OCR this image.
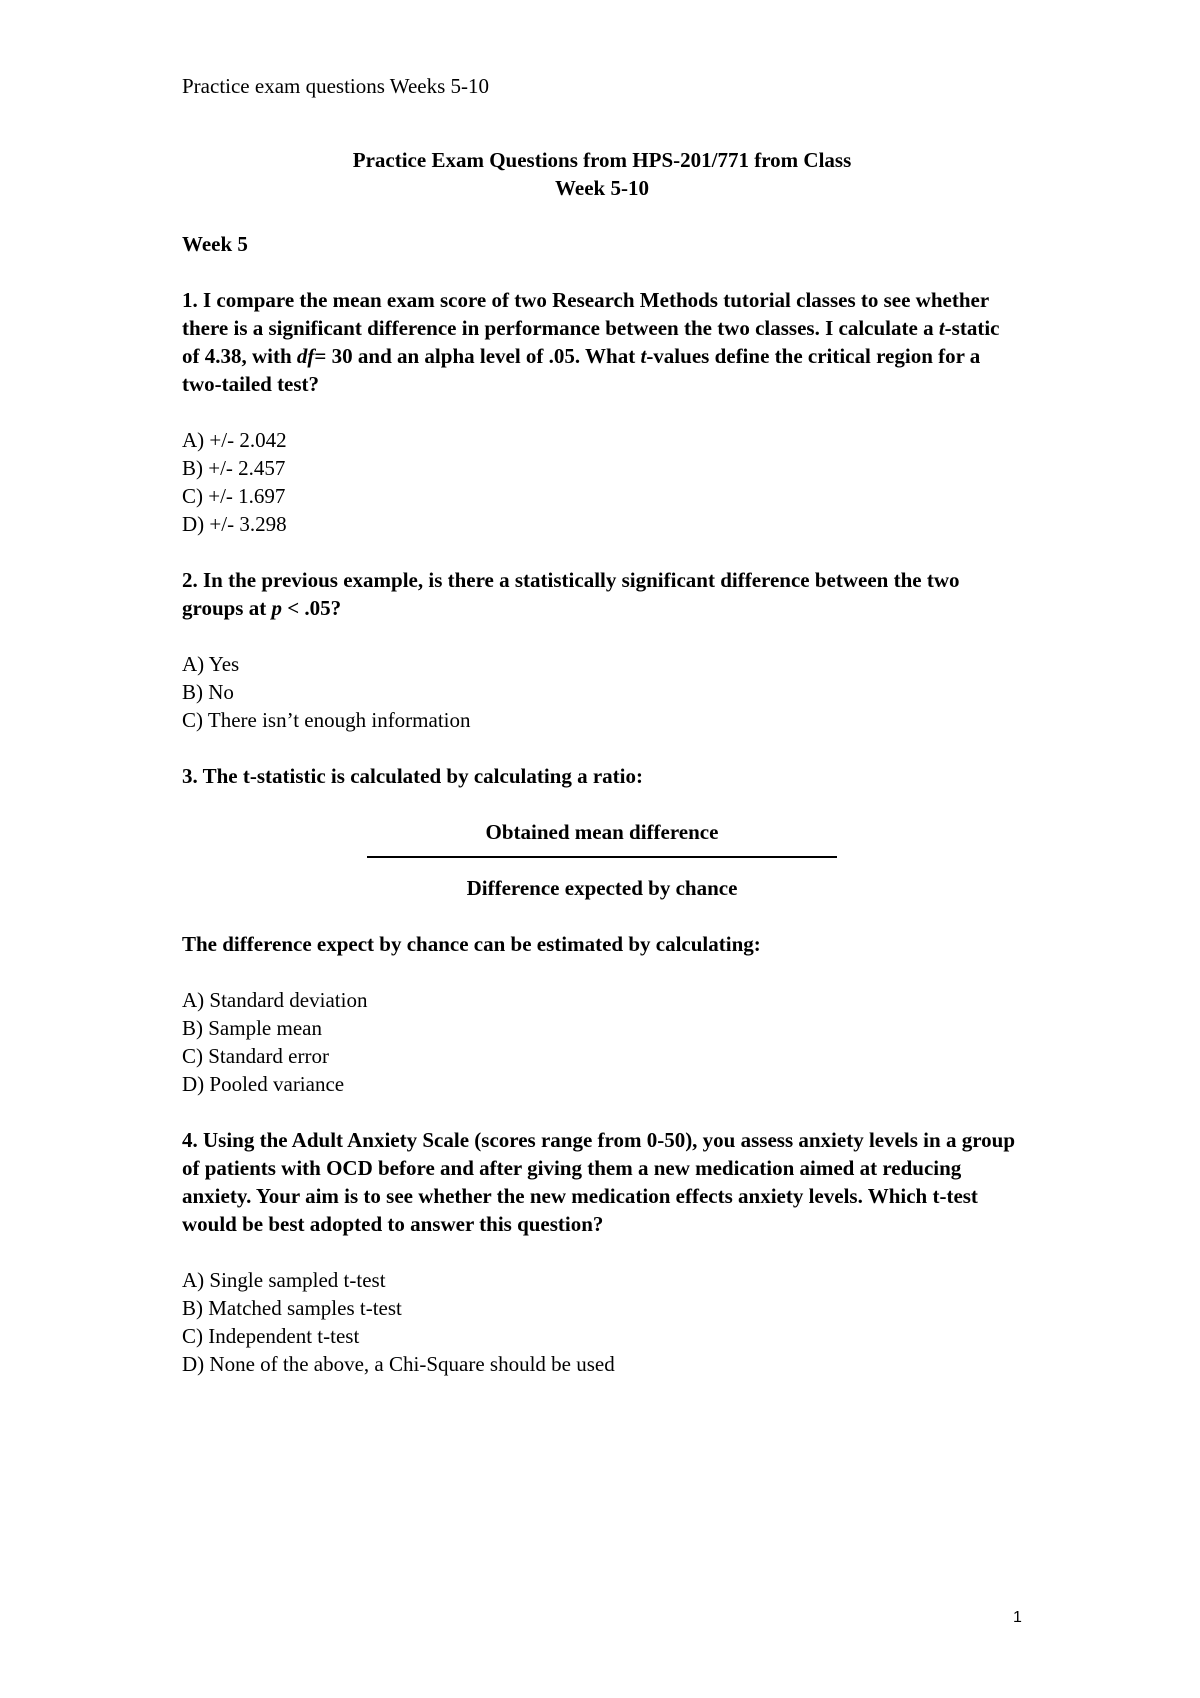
Practice exam questions Weeks 5-10

Practice Exam Questions from HPS-201/771 from Class
Week 5-10

Week 5

1. I compare the mean exam score of two Research Methods tutorial classes to see whether there is a significant difference in performance between the two classes. I calculate a t-static of 4.38, with df= 30 and an alpha level of .05. What t-values define the critical region for a two-tailed test?

A) +/- 2.042
B) +/- 2.457
C) +/- 1.697
D) +/- 3.298

2. In the previous example, is there a statistically significant difference between the two groups at p < .05?

A) Yes
B) No
C) There isn’t enough information

3. The t-statistic is calculated by calculating a ratio:

Obtained mean difference
Difference expected by chance

The difference expect by chance can be estimated by calculating:

A) Standard deviation
B) Sample mean
C) Standard error
D) Pooled variance

4. Using the Adult Anxiety Scale (scores range from 0-50), you assess anxiety levels in a group of patients with OCD before and after giving them a new medication aimed at reducing anxiety. Your aim is to see whether the new medication effects anxiety levels. Which t-test would be best adopted to answer this question?

A) Single sampled t-test
B) Matched samples t-test
C) Independent t-test
D) None of the above, a Chi-Square should be used
1
